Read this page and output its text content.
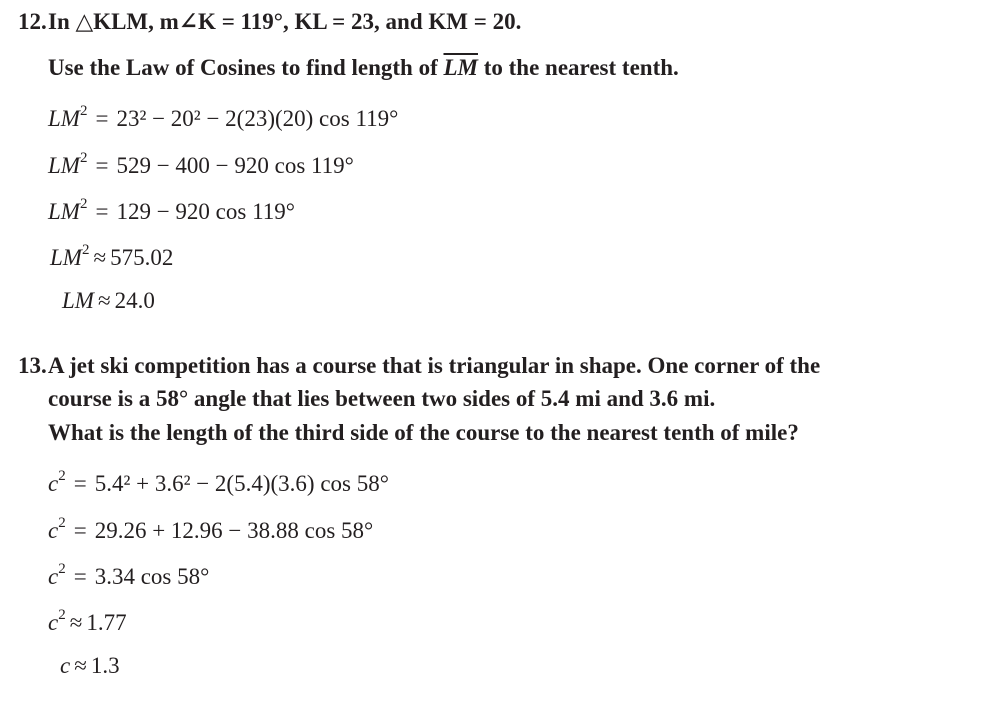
12. In △KLM, m∠K = 119°, KL = 23, and KM = 20.
Use the Law of Cosines to find length of $\overline{LM}$ to the nearest tenth.
$LM^2 = 23^2 - 20^2 - 2(23)(20)$ cos 119°
$LM^2 = 529 - 400 - 920$ cos 119°
$LM^2 = 129 - 920$ cos 119°
$LM^2 \approx 575.02$
LM ≈ 24.0
13. A jet ski competition has a course that is triangular in shape. One corner of the
course is a 58° angle that lies between two sides of 5.4 mi and 3.6 mi.
What is the length of the third side of the course to the nearest tenth of mile?
$c^2 = 5.4^2 + 3.6^2 - 2(5.4)(3.6)$ cos 58°
$c^2 = 29.26 + 12.96 - 38.88$ cos 58°
$c^2 = 3.34$ cos 58°
$c^2 \approx 1.77$
c ≈ 1.3
